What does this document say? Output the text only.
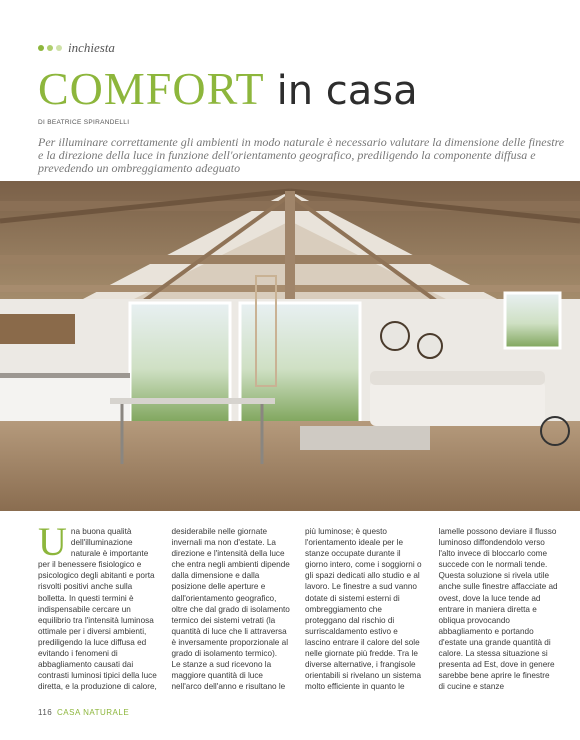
inchiesta
COMFORT in casa
DI BEATRICE SPIRANDELLI
Per illuminare correttamente gli ambienti in modo naturale è necessario valutare la dimensione delle finestre e la direzione della luce in funzione dell'orientamento geografico, prediligendo la componente diffusa e prevedendo un ombreggiamento adeguato

Una buona qualità dell'illuminazione naturale è importante per il benessere fisiologico e psicologico degli abitanti e porta risvolti positivi anche sulla bolletta. In questi termini è indispensabile cercare un equilibrio tra l'intensità luminosa ottimale per i diversi ambienti, prediligendo la luce diffusa ed evitando i fenomeni di abbagliamento causati dai contrasti luminosi tipici della luce diretta, e la produzione di calore, desiderabile nelle giornate invernali ma non d'estate. La direzione e l'intensità della luce che entra negli ambienti dipende dalla dimensione e dalla posizione delle aperture e dall'orientamento geografico, oltre che dal grado di isolamento termico dei sistemi vetrati (la quantità di luce che li attraversa è inversamente proporzionale al grado di isolamento termico).

Le stanze a sud ricevono la maggiore quantità di luce nell'arco dell'anno e risultano le più luminose; è questo l'orientamento ideale per le stanze occupate durante il giorno intero, come i soggiorni o gli spazi dedicati allo studio e al lavoro. Le finestre a sud vanno dotate di sistemi esterni di ombreggiamento che proteggano dal rischio di surriscaldamento estivo e lascino entrare il calore del sole nelle giornate più fredde. Tra le diverse alternative, i frangisole orientabili si rivelano un sistema molto efficiente in quanto le lamelle possono deviare il flusso luminoso diffondendolo verso l'alto invece di bloccarlo come succede con le normali tende. Questa soluzione si rivela utile anche sulle finestre affacciate ad ovest, dove la luce tende ad entrare in maniera diretta e obliqua provocando abbagliamento e portando d'estate una grande quantità di calore. La stessa situazione si presenta ad Est, dove in genere sarebbe bene aprire le finestre di cucine e stanze

116 CASA NATURALE
